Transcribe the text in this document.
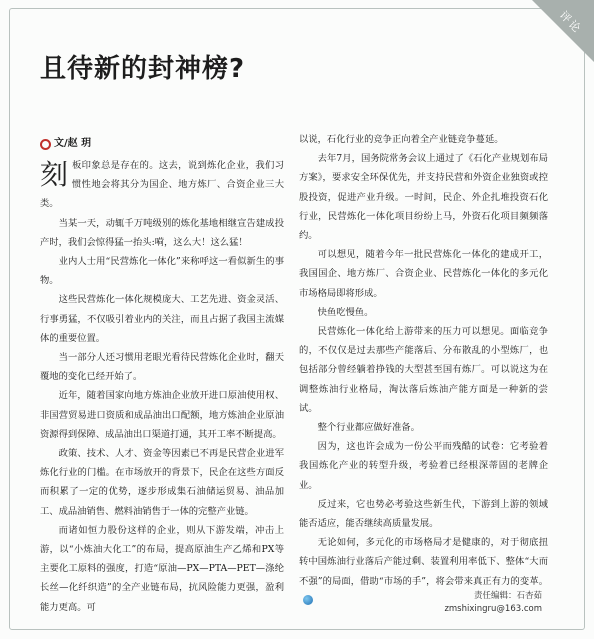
评论
且待新的封神榜?
文/赵 玥

刻 板印象总是存在的。这去，说到炼化企业，我们习惯性地会将其分为国企、地方炼厂、合资企业三大类。

当某一天，动辄千万吨级别的炼化基地相继宣告建成投产时，我们会惊得猛一抬头:嗬，这么大！这么猛！

业内人士用“民营炼化一体化”来称呼这一看似新生的事物。

这些民营炼化一体化规模庞大、工艺先进、资金灵活、行事勇猛，不仅吸引着业内的关注，而且占据了我国主流媒体的重要位置。

当一部分人还习惯用老眼光看待民营炼化企业时，翻天覆地的变化已经开始了。

近年，随着国家向地方炼油企业放开进口原油使用权、非国营贸易进口资质和成品油出口配额，地方炼油企业原油资源得到保障、成品油出口渠道打通，其开工率不断提高。

政策、技术、人才、资金等因素已不再是民营企业进军炼化行业的门槛。在市场放开的背景下，民企在这些方面反而积累了一定的优势，逐步形成集石油储运贸易、油品加工、成品油销售、燃料油销售于一体的完整产业链。

而诸如恒力股份这样的企业，则从下游发端，冲击上游，以“小炼油大化工”的布局，提高原油生产乙烯和PX等主要化工原料的强度，打造“原油—PX—PTA—PET—涤纶长丝—化纤织造”的全产业链布局，抗风险能力更强，盈利能力更高。可

以说，石化行业的竞争正向着全产业链竞争蔓延。

去年7月，国务院常务会议上通过了《石化产业规划布局方案》，要求安全环保优先，并支持民营和外资企业独资或控股投资，促进产业升级。一时间，民企、外企扎堆投资石化行业，民营炼化一体化项目纷纷上马，外资石化项目频频落约。

可以想见，随着今年一批民营炼化一体化的建成开工，我国国企、地方炼厂、合资企业、民营炼化一体化的多元化市场格局即将形成。

快鱼吃慢鱼。

民营炼化一体化给上游带来的压力可以想见。面临竞争的，不仅仅是过去那些产能落后、分布散乱的小型炼厂，也包括部分曾经躺着挣钱的大型甚至国有炼厂。可以说这为在调整炼油行业格局，淘汰落后炼油产能方面是一种新的尝试。

整个行业都应做好准备。

因为，这也许会成为一份公平而残酷的试卷：它考验着我国炼化产业的转型升级，考验着已经根深蒂固的老牌企业。

反过来，它也势必考验这些新生代，下游到上游的领域能否适应，能否继续高质量发展。

无论如何，多元化的市场格局才是健康的，对于彻底扭转中国炼油行业落后产能过剩、装置利用率低下、整体“大而不强”的局面，借助“市场的手”，将会带来真正有力的变革。

责任编辑：石杏茹
zmshixingru@163.com
